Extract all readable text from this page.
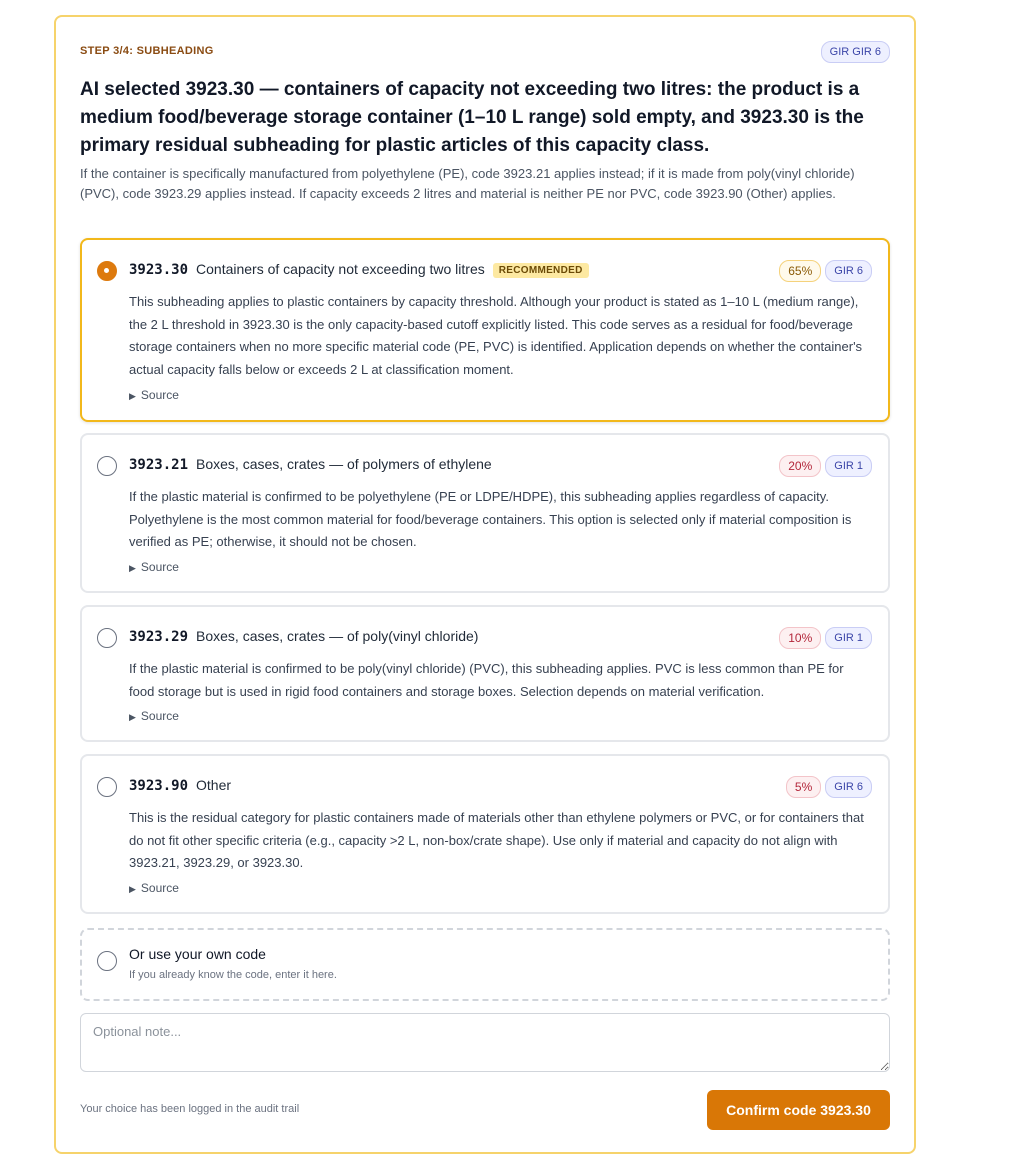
STEP 3/4: SUBHEADING	GIR GIR 6
AI selected 3923.30 — containers of capacity not exceeding two litres: the product is a medium food/beverage storage container (1–10 L range) sold empty, and 3923.30 is the primary residual subheading for plastic articles of this capacity class.

If the container is specifically manufactured from polyethylene (PE), code 3923.21 applies instead; if it is made from poly(vinyl chloride) (PVC), code 3923.29 applies instead. If capacity exceeds 2 litres and material is neither PE nor PVC, code 3923.90 (Other) applies.

3923.30 Containers of capacity not exceeding two litres RECOMMENDED	65%	GIR 6

This subheading applies to plastic containers by capacity threshold. Although your product is stated as 1–10 L (medium range), the 2 L threshold in 3923.30 is the only capacity-based cutoff explicitly listed. This code serves as a residual for food/beverage storage containers when no more specific material code (PE, PVC) is identified. Application depends on whether the container's actual capacity falls below or exceeds 2 L at classification moment.

▶ Source
3923.21 Boxes, cases, crates — of polymers of ethylene	20%	GIR 1

If the plastic material is confirmed to be polyethylene (PE or LDPE/HDPE), this subheading applies regardless of capacity. Polyethylene is the most common material for food/beverage containers. This option is selected only if material composition is verified as PE; otherwise, it should not be chosen.

▶ Source
3923.29 Boxes, cases, crates — of poly(vinyl chloride)	10%	GIR 1

If the plastic material is confirmed to be poly(vinyl chloride) (PVC), this subheading applies. PVC is less common than PE for food storage but is used in rigid food containers and storage boxes. Selection depends on material verification.

▶ Source
3923.90 Other	5%	GIR 6

This is the residual category for plastic containers made of materials other than ethylene polymers or PVC, or for containers that do not fit other specific criteria (e.g., capacity >2 L, non-box/crate shape). Use only if material and capacity do not align with 3923.21, 3923.29, or 3923.30.

▶ Source
Or use your own code
If you already know the code, enter it here.
Optional note...
Your choice has been logged in the audit trail	Confirm code 3923.30
